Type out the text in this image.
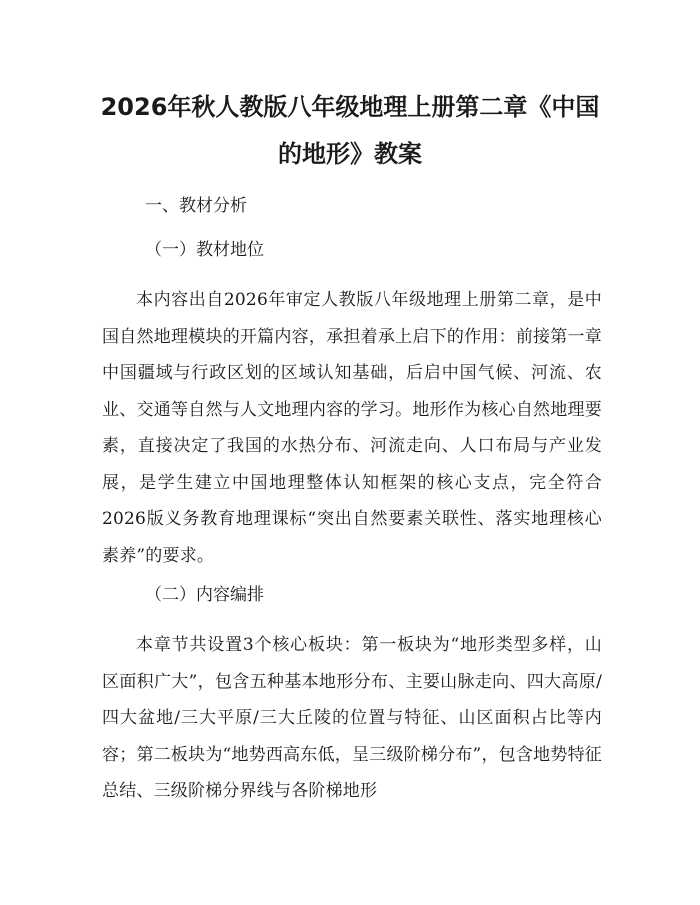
2026年秋人教版八年级地理上册第二章《中国的地形》教案

一、教材分析

（一）教材地位

本内容出自2026年审定人教版八年级地理上册第二章，是中国自然地理模块的开篇内容，承担着承上启下的作用：前接第一章中国疆域与行政区划的区域认知基础，后启中国气候、河流、农业、交通等自然与人文地理内容的学习。地形作为核心自然地理要素，直接决定了我国的水热分布、河流走向、人口布局与产业发展，是学生建立中国地理整体认知框架的核心支点，完全符合2026版义务教育地理课标“突出自然要素关联性、落实地理核心素养”的要求。

（二）内容编排

本章节共设置3个核心板块：第一板块为“地形类型多样，山区面积广大”，包含五种基本地形分布、主要山脉走向、四大高原/四大盆地/三大平原/三大丘陵的位置与特征、山区面积占比等内容；第二板块为“地势西高东低，呈三级阶梯分布”，包含地势特征总结、三级阶梯分界线与各阶梯地形
